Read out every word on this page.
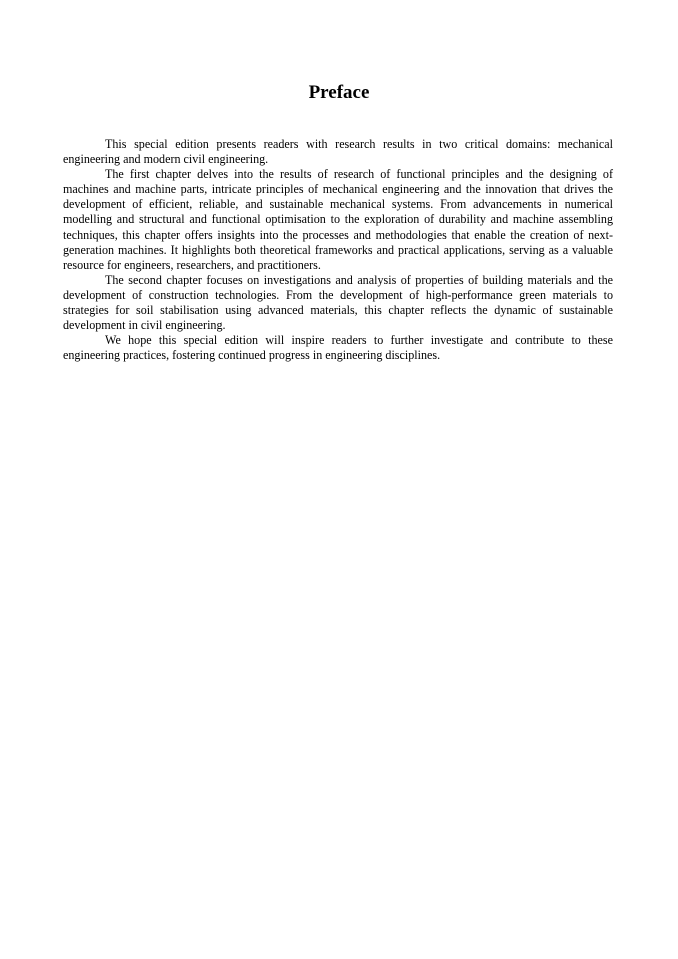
Preface

This special edition presents readers with research results in two critical domains: mechanical engineering and modern civil engineering.

The first chapter delves into the results of research of functional principles and the designing of machines and machine parts, intricate principles of mechanical engineering and the innovation that drives the development of efficient, reliable, and sustainable mechanical systems. From advancements in numerical modelling and structural and functional optimisation to the exploration of durability and machine assembling techniques, this chapter offers insights into the processes and methodologies that enable the creation of next-generation machines. It highlights both theoretical frameworks and practical applications, serving as a valuable resource for engineers, researchers, and practitioners.

The second chapter focuses on investigations and analysis of properties of building materials and the development of construction technologies. From the development of high-performance green materials to strategies for soil stabilisation using advanced materials, this chapter reflects the dynamic of sustainable development in civil engineering.

We hope this special edition will inspire readers to further investigate and contribute to these engineering practices, fostering continued progress in engineering disciplines.
